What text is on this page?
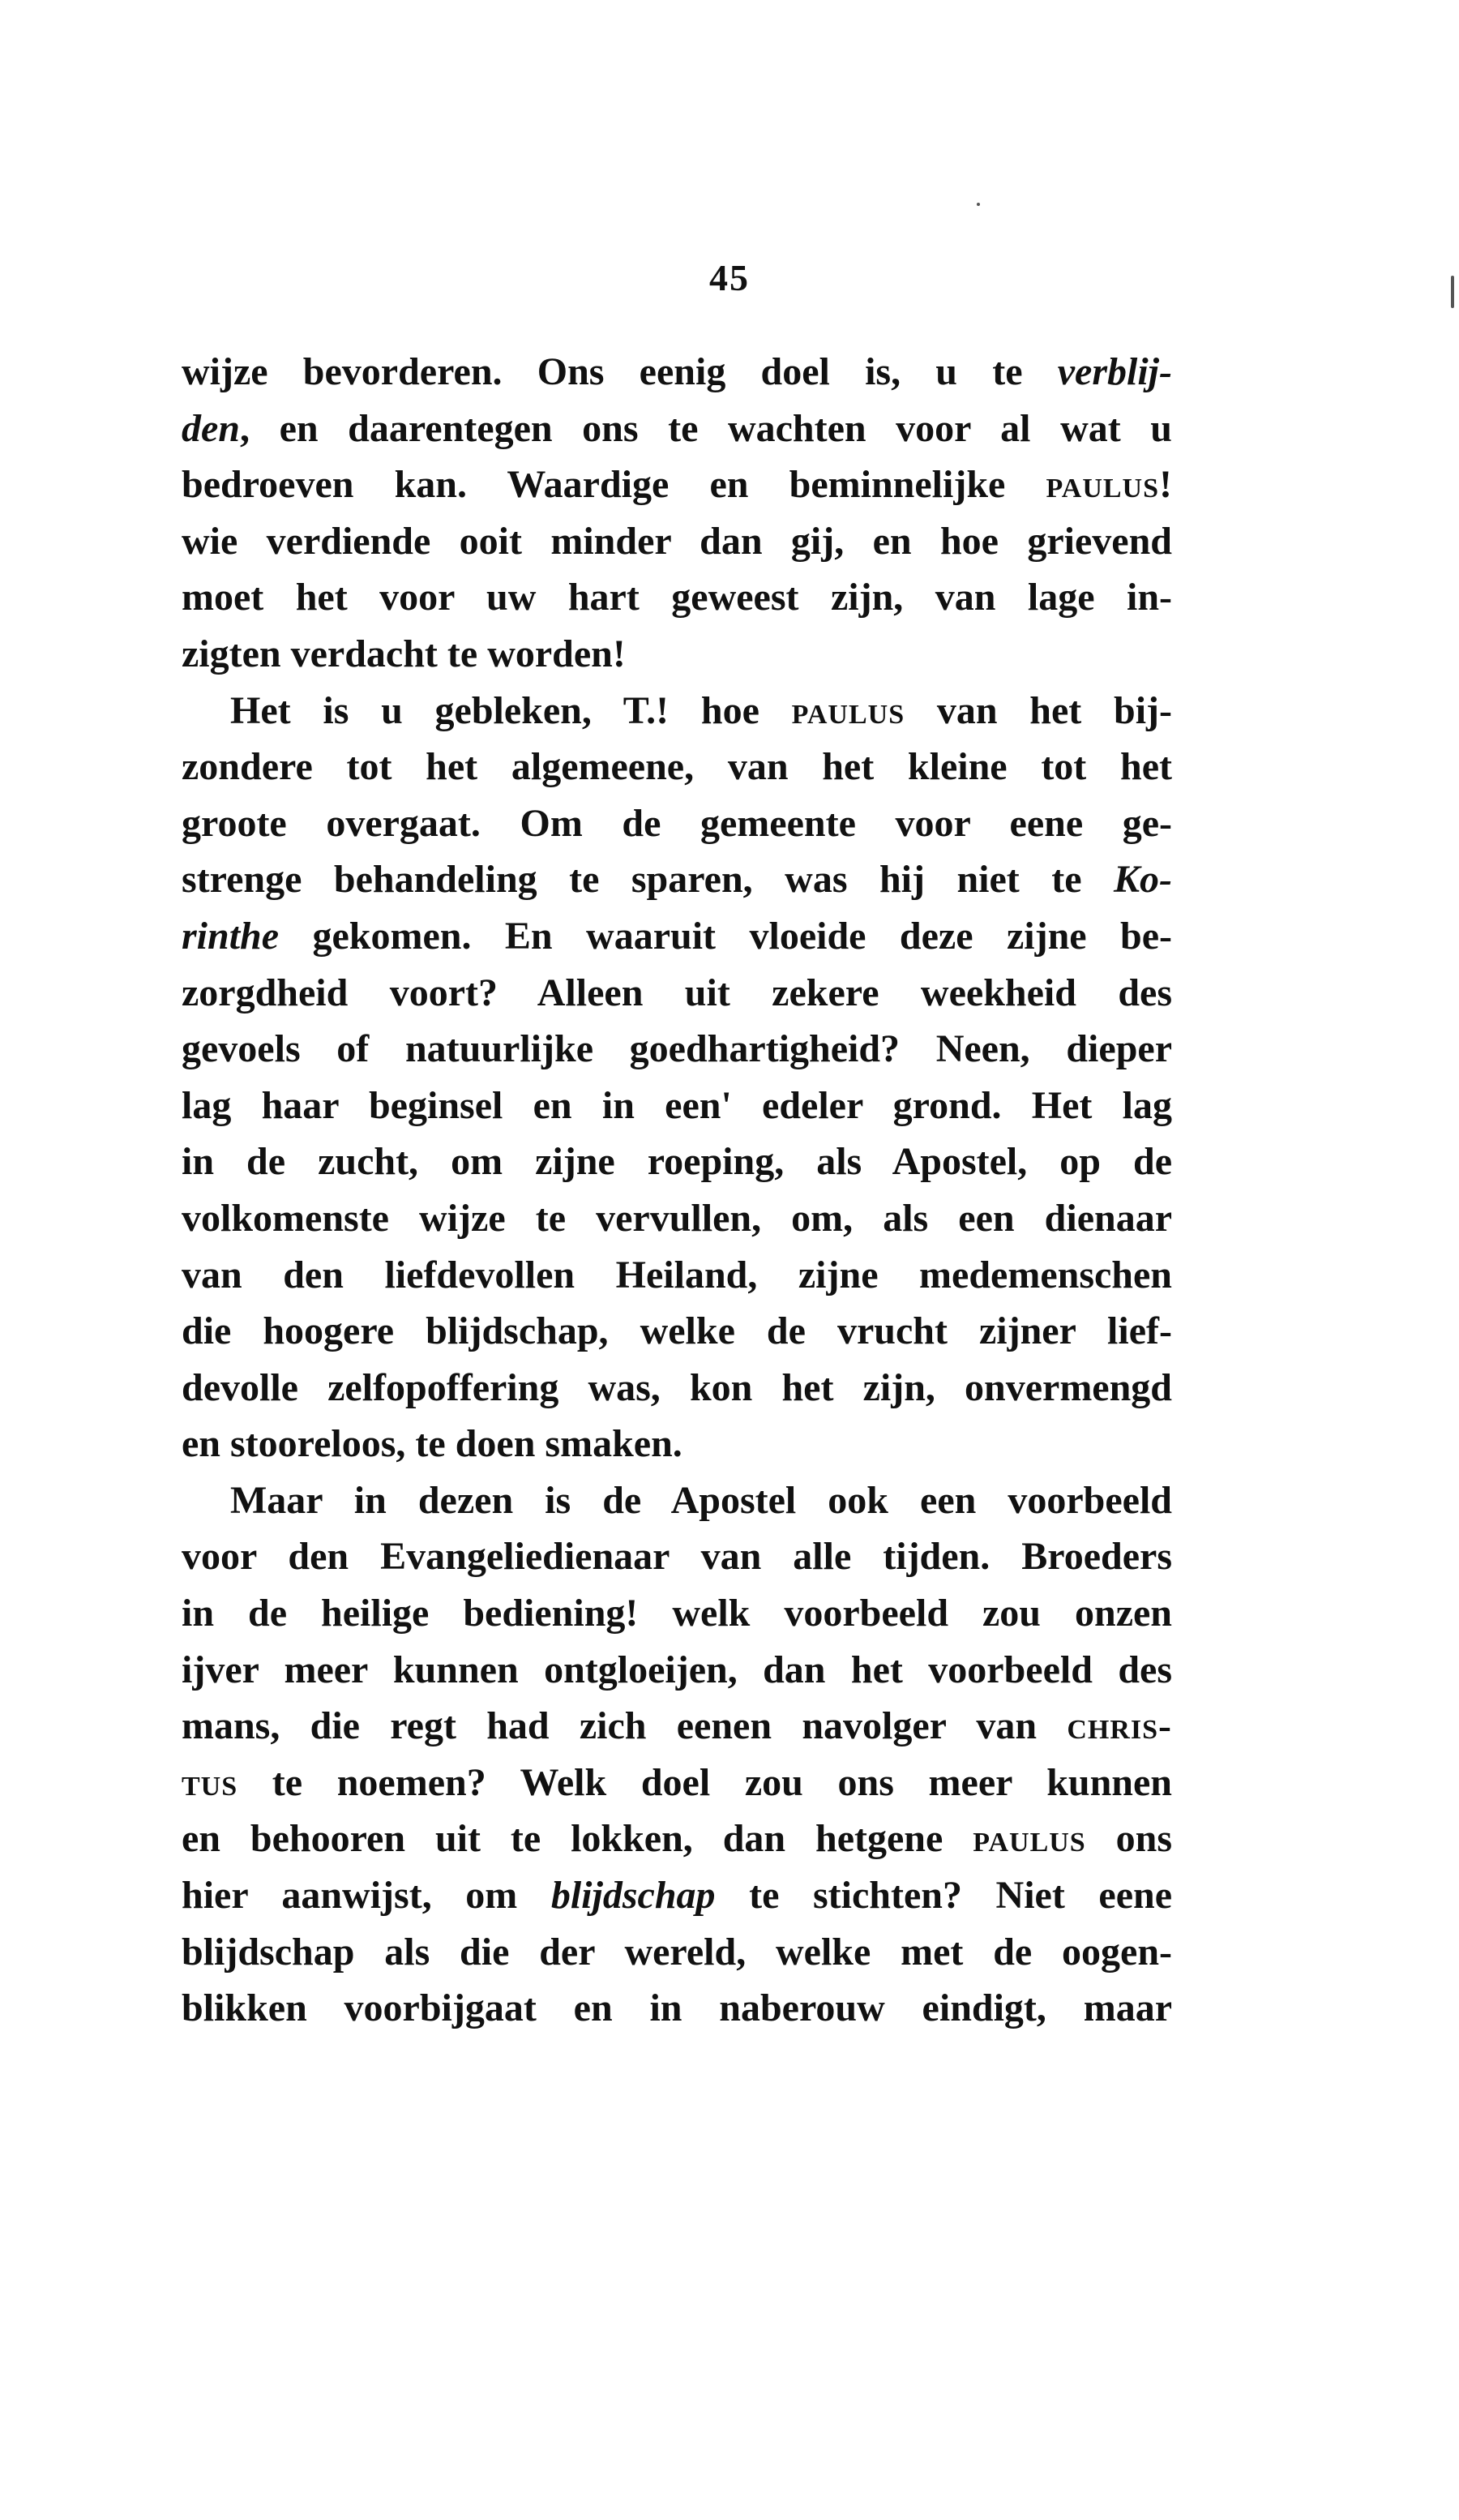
45
wijze bevorderen. Ons eenig doel is, u te verblij-
den, en daarentegen ons te wachten voor al wat u
bedroeven kan. Waardige en beminnelijke paulus!
wie verdiende ooit minder dan gij, en hoe grievend
moet het voor uw hart geweest zijn, van lage in-
zigten verdacht te worden!
Het is u gebleken, T.! hoe paulus van het bij-
zondere tot het algemeene, van het kleine tot het
groote overgaat. Om de gemeente voor eene ge-
strenge behandeling te sparen, was hij niet te Ko-
rinthe gekomen. En waaruit vloeide deze zijne be-
zorgdheid voort? Alleen uit zekere weekheid des
gevoels of natuurlijke goedhartigheid? Neen, dieper
lag haar beginsel en in een' edeler grond. Het lag
in de zucht, om zijne roeping, als Apostel, op de
volkomenste wijze te vervullen, om, als een dienaar
van den liefdevollen Heiland, zijne medemenschen
die hoogere blijdschap, welke de vrucht zijner lief-
devolle zelfopoffering was, kon het zijn, onvermengd
en stooreloos, te doen smaken.
Maar in dezen is de Apostel ook een voorbeeld
voor den Evangeliedienaar van alle tijden. Broeders
in de heilige bediening! welk voorbeeld zou onzen
ijver meer kunnen ontgloeijen, dan het voorbeeld des
mans, die regt had zich eenen navolger van chris-
tus te noemen? Welk doel zou ons meer kunnen
en behooren uit te lokken, dan hetgene paulus ons
hier aanwijst, om blijdschap te stichten? Niet eene
blijdschap als die der wereld, welke met de oogen-
blikken voorbijgaat en in naberouw eindigt, maar
